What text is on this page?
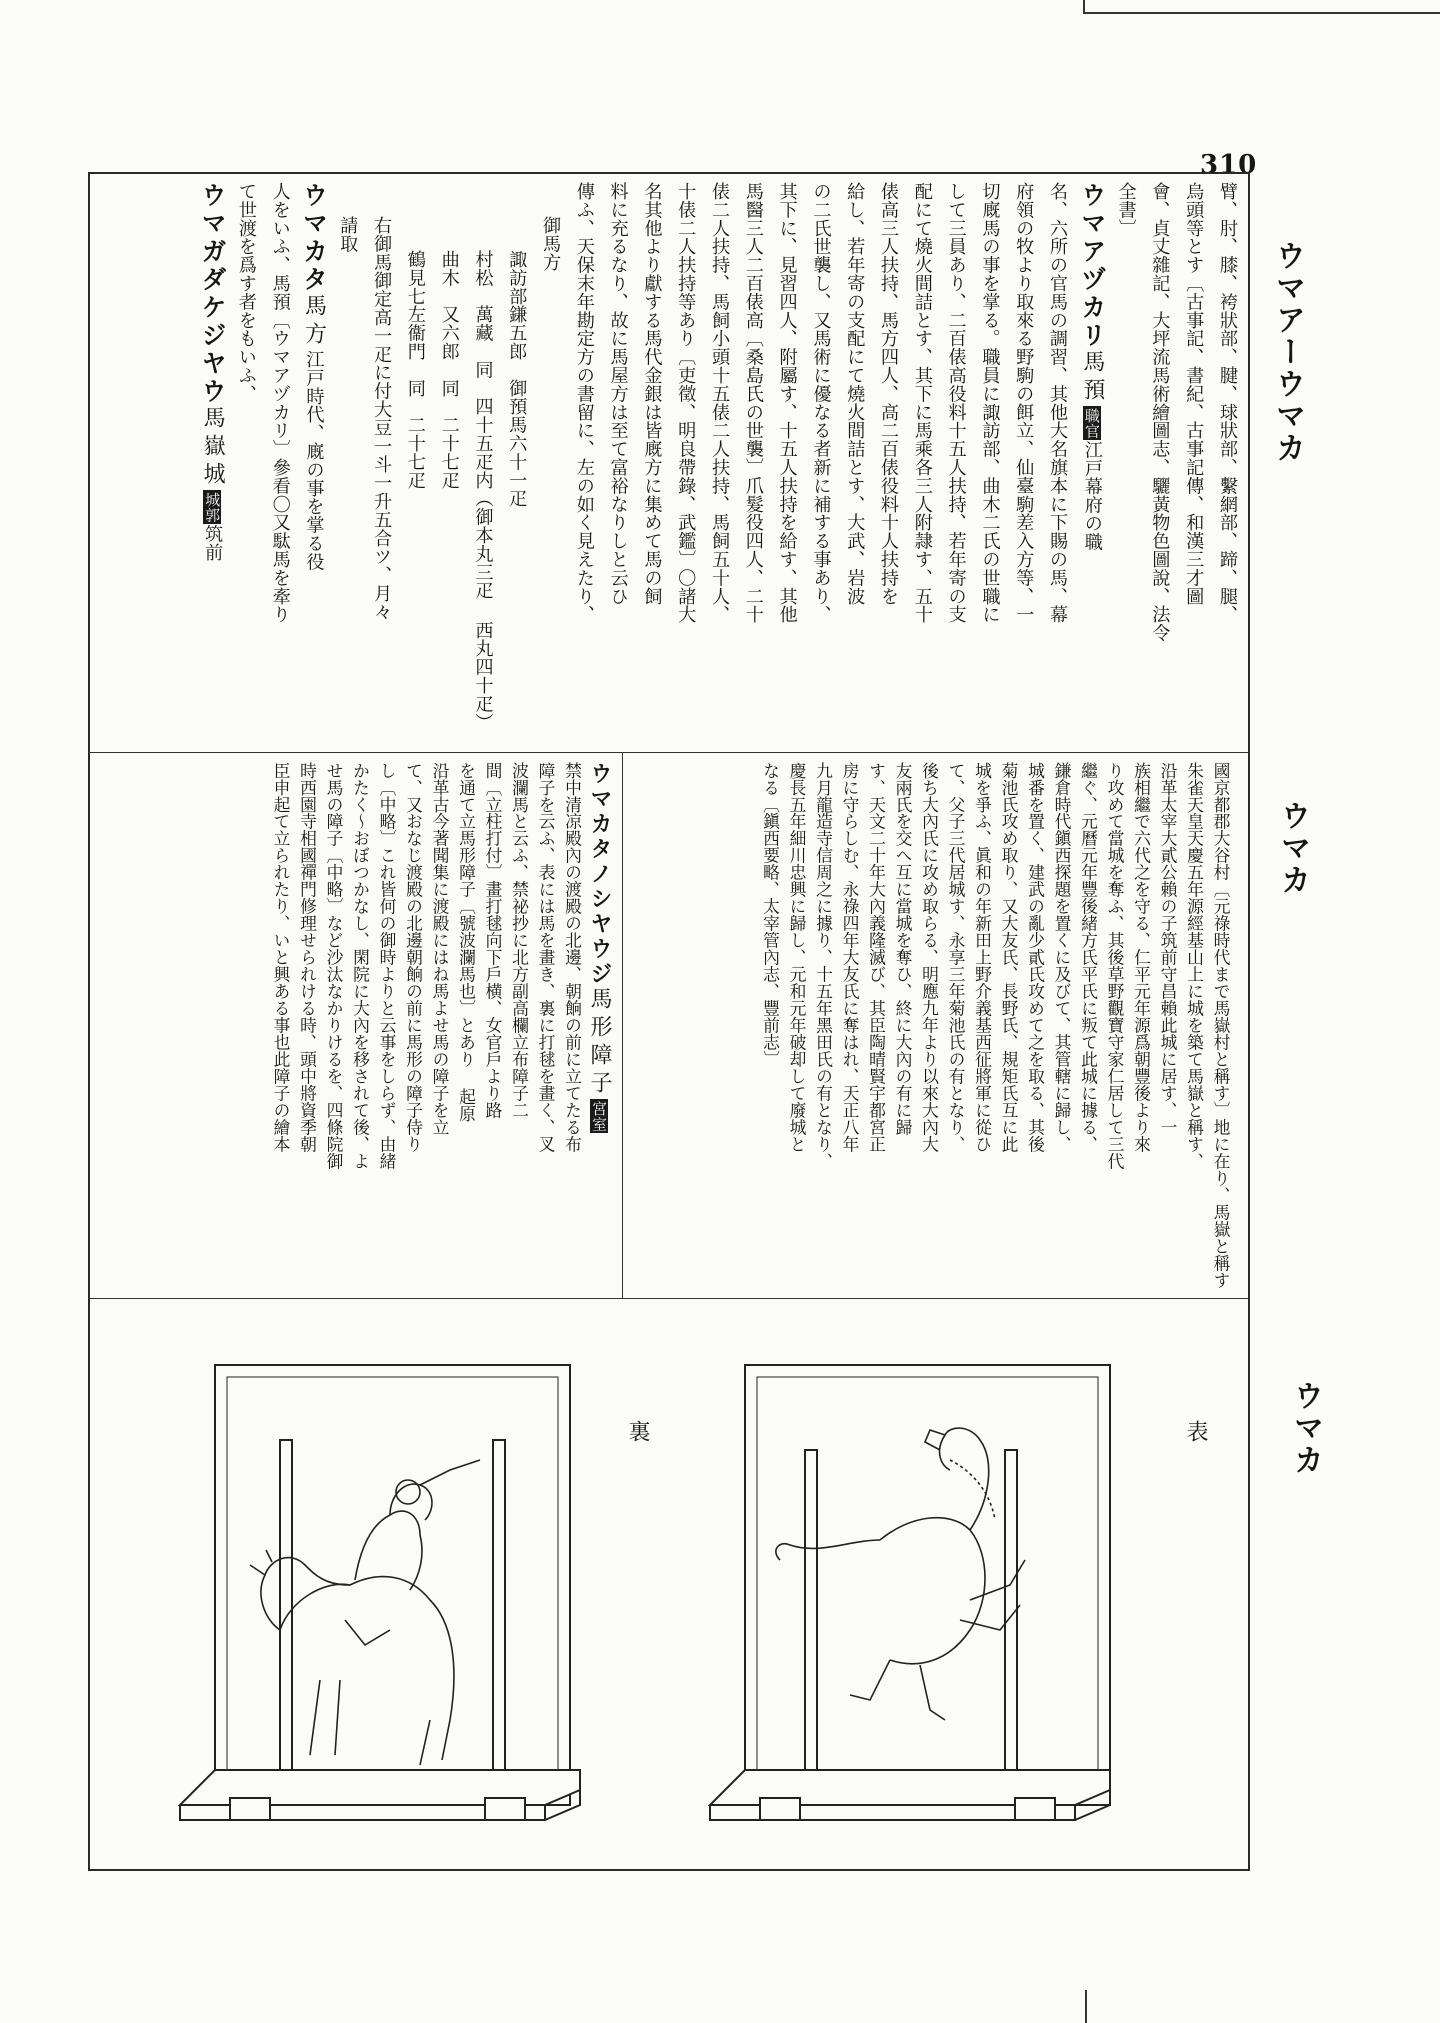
310
ウマアーウマカ
ウマカ
ウマカ

臂、肘、膝、袴狀部、腱、球狀部、繫網部、蹄、腿、

烏頭等とす〔古事記、書紀、古事記傳、和漢三才圖

會、貞丈雜記、大坪流馬術繪圖志、驪黃物色圖說、法令

全書〕

ウマアヅカリ馬預職官江戸幕府の職

名、六所の官馬の調習、其他大名旗本に下賜の馬、幕

府領の牧より取來る野駒の餌立、仙臺駒差入方等、一

切廐馬の事を掌る。職員に諏訪部、曲木二氏の世職に

して三員あり、二百俵高役料十五人扶持、若年寄の支

配にて燒火間詰とす、其下に馬乘各三人附隷す、五十

俵高三人扶持、馬方四人、高二百俵役料十人扶持を

給し、若年寄の支配にて燒火間詰とす、大武、岩波

の二氏世襲し、又馬術に優なる者新に補する事あり、

其下に、見習四人、附屬す、十五人扶持を給す、其他

馬醫三人二百俵高〔桑島氏の世襲〕爪髮役四人、二十

俵二人扶持、馬飼小頭十五俵二人扶持、馬飼五十人、

十俵二人扶持等あり〔吏徵、明良帶錄、武鑑〕〇諸大

名其他より獻する馬代金銀は皆廐方に集めて馬の飼

料に充るなり、故に馬屋方は至て富裕なりしと云ひ

傳ふ、天保末年勘定方の書留に、左の如く見えたり、

御馬方

諏訪部鎌五郎　御預馬六十一疋

村松　萬藏　同　四十五疋内（御本丸三疋 西丸四十疋）

曲木　又六郎　同　二十七疋

鶴見七左衞門　同　二十七疋

右御馬御定高一疋に付大豆一斗一升五合ツ、月々

請取

ウマカタ馬方江戸時代、廐の事を掌る役

人をいふ、馬預〔ウマアヅカリ〕參看〇又駄馬を牽り

て世渡を爲す者をもいふ、

ウマガダケジヤウ馬嶽城城郭筑前

國京都郡大谷村〔元祿時代まで馬嶽村と稱す〕地に在り、馬嶽と稱す

朱雀天皇天慶五年源經基山上に城を築て馬嶽と稱す、

沿革太宰大貳公賴の子筑前守昌賴此城に居す、一

族相繼で六代之を守る、仁平元年源爲朝豐後より來

り攻めて當城を奪ふ、其後草野觀寶守家仁居して三代

繼ぐ、元曆元年豐後緒方氏平氏に叛て此城に據る、

鎌倉時代鎭西探題を置くに及びて、其管轄に歸し、

城番を置く、建武の亂少貳氏攻めて之を取る、其後

菊池氏攻め取り、又大友氏、長野氏、規矩氏互に此

城を爭ふ、眞和の年新田上野介義基西征將軍に從ひ

て、父子三代居城す、永享三年菊池氏の有となり、

後ち大內氏に攻め取らる、明應九年より以來大內大

友兩氏を交へ互に當城を奪ひ、終に大內の有に歸

す、天文二十年大內義隆滅び、其臣陶晴賢宇都宮正

房に守らしむ、永祿四年大友氏に奪はれ、天正八年

九月龍造寺信周之に據り、十五年黑田氏の有となり、

慶長五年細川忠興に歸し、元和元年破却して廢城と

なる〔鎭西要略、太宰管內志、豐前志〕

ウマカタノシヤウジ馬形障子宮室

禁中清凉殿內の渡殿の北邊、朝餉の前に立てたる布

障子を云ふ、表には馬を畫き、裏に打毬を畫く、叉

波瀾馬と云ふ、禁祕抄に北方副高欄立布障子二

間〔立柱打付〕畫打毬向下戶横、女官戶より路

を通て立馬形障子〔號波瀾馬也〕とあり 起原

沿革古今著聞集に渡殿にはね馬よせ馬の障子を立

て、又おなじ渡殿の北邊朝餉の前に馬形の障子侍り

し〔中略〕これ皆何の御時よりと云事をしらず、由緒

かたく〜おぼつかなし、閑院に大內を移されて後、よ

せ馬の障子〔中略〕など沙汰なかりけるを、四條院御

時西園寺相國禪門修理せられける時、頭中將資季朝

臣申起て立られたり、いと興ある事也此障子の繪本

裏	表
